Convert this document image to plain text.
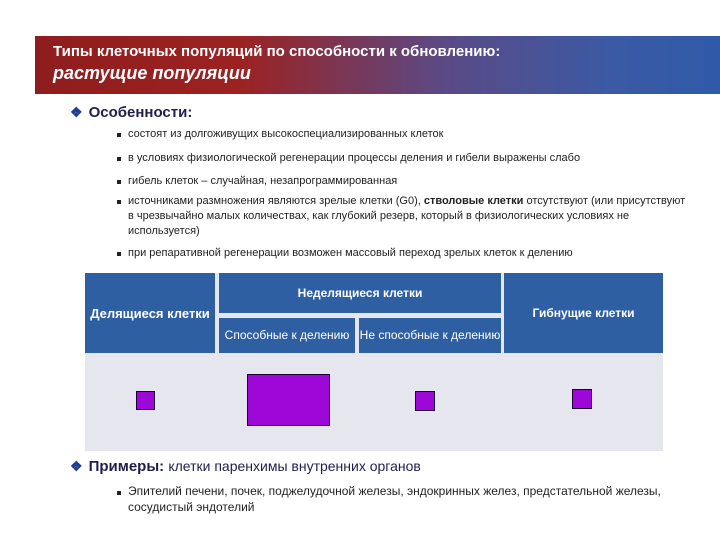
Типы клеточных популяций по способности к обновлению:
растущие популяции
❖ Особенности:
состоят из долгоживущих высокоспециализированных клеток
в условиях физиологической регенерации процессы деления и гибели выражены слабо
гибель клеток – случайная, незапрограммированная
источниками размножения являются зрелые клетки (G0), стволовые клетки отсутствуют (или присутствуют в чрезвычайно малых количествах, как глубокий резерв, который в физиологических условиях не используется)
при репаративной регенерации возможен массовый переход зрелых клеток к делению
Делящиеся клетки
Неделящиеся клетки
Способные к делению Не способные к делению
Гибнущие клетки
❖ Примеры: клетки паренхимы внутренних органов
Эпителий печени, почек, поджелудочной железы, эндокринных желез, предстательной железы, сосудистый эндотелий
